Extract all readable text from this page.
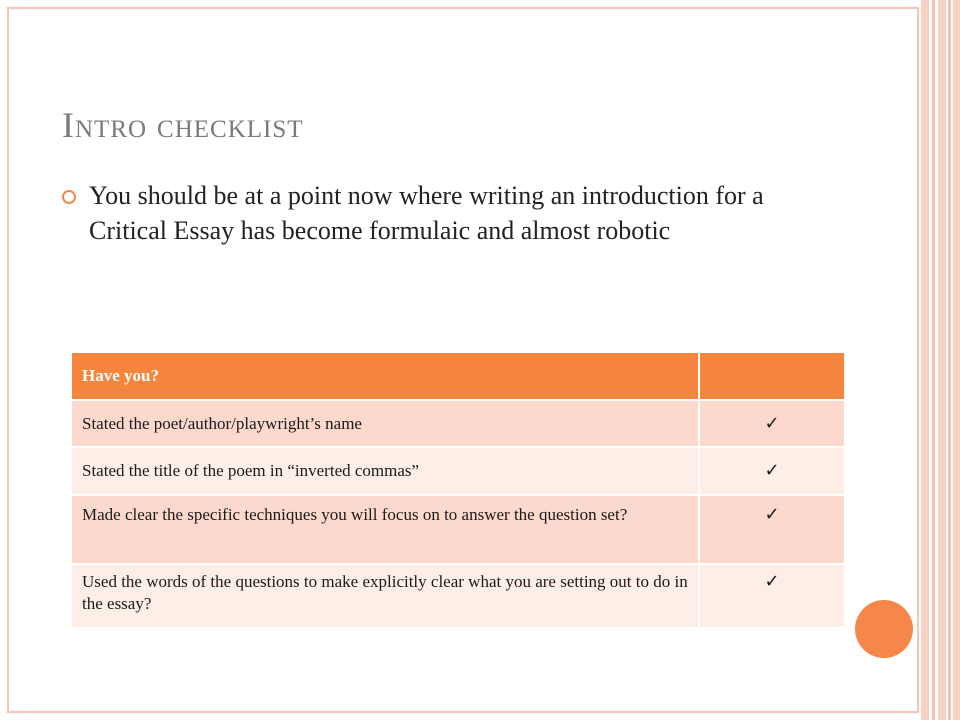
Intro checklist

You should be at a point now where writing an introduction for a Critical Essay has become formulaic and almost robotic

Have you?	
Stated the poet/author/playwright’s name	✓
Stated the title of the poem in “inverted commas”	✓
Made clear the specific techniques you will focus on to answer the question set?	✓
Used the words of the questions to make explicitly clear what you are setting out to do in the essay?	✓
